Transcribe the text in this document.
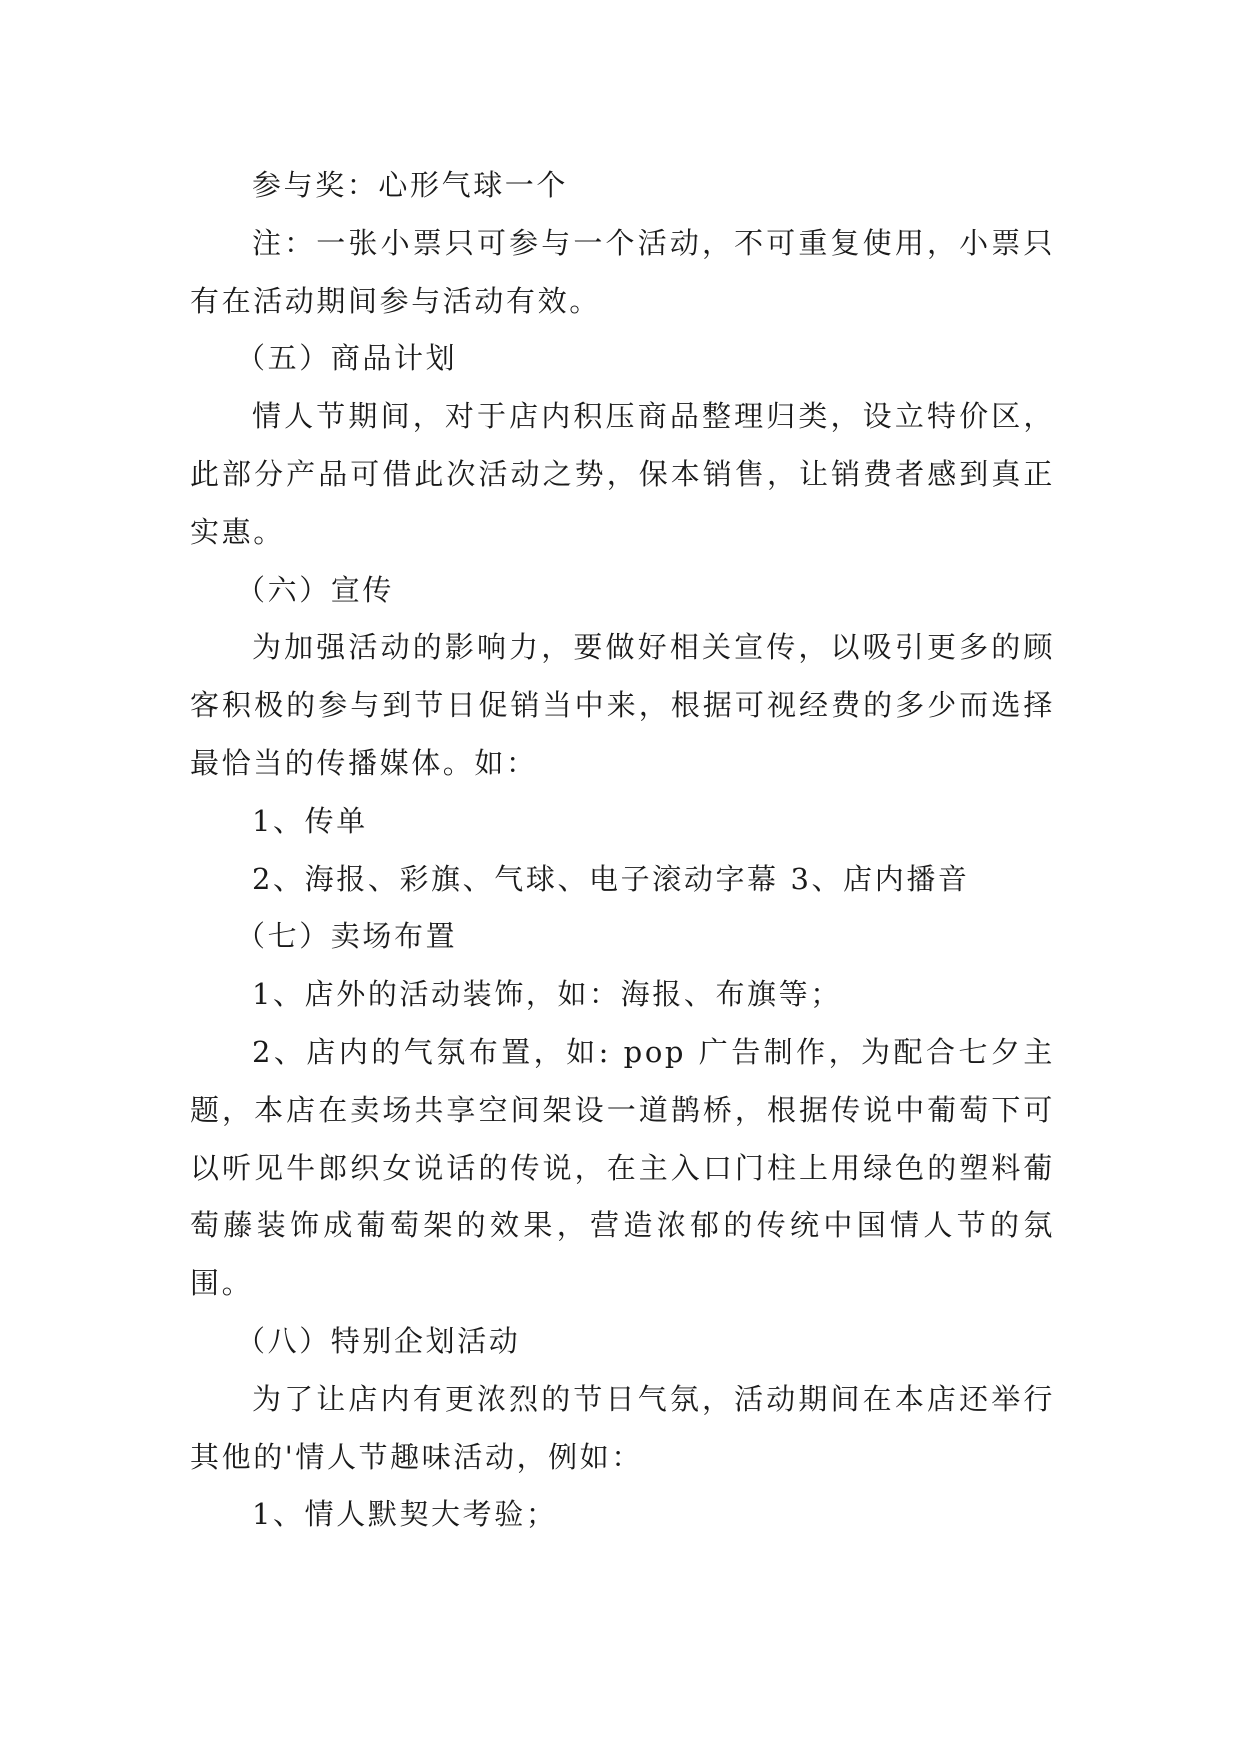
参与奖：心形气球一个

注：一张小票只可参与一个活动，不可重复使用，小票只有在活动期间参与活动有效。

（五）商品计划

情人节期间，对于店内积压商品整理归类，设立特价区，此部分产品可借此次活动之势，保本销售，让销费者感到真正实惠。

（六）宣传

为加强活动的影响力，要做好相关宣传，以吸引更多的顾客积极的参与到节日促销当中来，根据可视经费的多少而选择最恰当的传播媒体。如：

1、传单

2、海报、彩旗、气球、电子滚动字幕 3、店内播音

（七）卖场布置

1、店外的活动装饰，如：海报、布旗等；

2、店内的气氛布置，如: pop 广告制作，为配合七夕主题，本店在卖场共享空间架设一道鹊桥，根据传说中葡萄下可以听见牛郎织女说话的传说，在主入口门柱上用绿色的塑料葡萄藤装饰成葡萄架的效果，营造浓郁的传统中国情人节的氛围。

（八）特别企划活动

为了让店内有更浓烈的节日气氛，活动期间在本店还举行其他的'情人节趣味活动，例如：

1、情人默契大考验；
